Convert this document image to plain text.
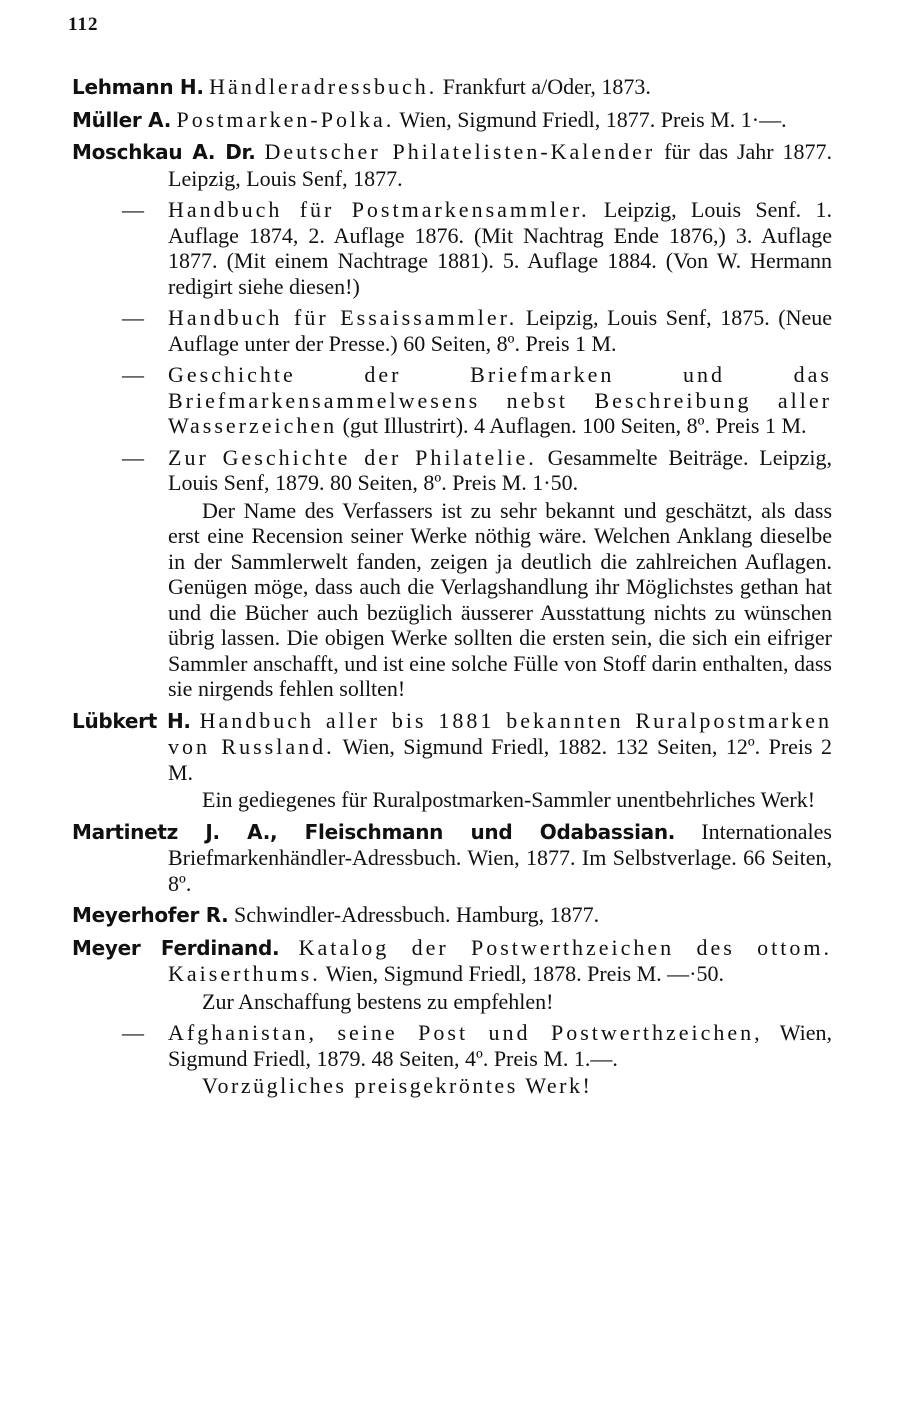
112
Lehmann H. Händleradressbuch. Frankfurt a/Oder, 1873.
Müller A. Postmarken-Polka. Wien, Sigmund Friedl, 1877. Preis M. 1·—.
Moschkau A. Dr. Deutscher Philatelisten-Kalender für das Jahr 1877. Leipzig, Louis Senf, 1877.
— Handbuch für Postmarkensammler. Leipzig, Louis Senf. 1. Auflage 1874, 2. Auflage 1876. (Mit Nachtrag Ende 1876,) 3. Auflage 1877. (Mit einem Nachtrage 1881). 5. Auflage 1884. (Von W. Hermann redigirt siehe diesen!)
— Handbuch für Essaissammler. Leipzig, Louis Senf, 1875. (Neue Auflage unter der Presse.) 60 Seiten, 8º. Preis 1 M.
— Geschichte der Briefmarken und das Briefmarkensammelwesens nebst Beschreibung aller Wasserzeichen (gut Illustrirt). 4 Auflagen. 100 Seiten, 8º. Preis 1 M.
— Zur Geschichte der Philatelie. Gesammelte Beiträge. Leipzig, Louis Senf, 1879. 80 Seiten, 8º. Preis M. 1·50.
Der Name des Verfassers ist zu sehr bekannt und geschätzt, als dass erst eine Recension seiner Werke nöthig wäre. Welchen Anklang dieselbe in der Sammlerwelt fanden, zeigen ja deutlich die zahlreichen Auflagen. Genügen möge, dass auch die Verlagshandlung ihr Möglichstes gethan hat und die Bücher auch bezüglich äusserer Ausstattung nichts zu wünschen übrig lassen. Die obigen Werke sollten die ersten sein, die sich ein eifriger Sammler anschafft, und ist eine solche Fülle von Stoff darin enthalten, dass sie nirgends fehlen sollten!
Lübkert H. Handbuch aller bis 1881 bekannten Ruralpostmarken von Russland. Wien, Sigmund Friedl, 1882. 132 Seiten, 12º. Preis 2 M.
Ein gediegenes für Ruralpostmarken-Sammler unentbehrliches Werk!
Martinetz J. A., Fleischmann und Odabassian. Internationales Briefmarkenhändler-Adressbuch. Wien, 1877. Im Selbstverlage. 66 Seiten, 8º.
Meyerhofer R. Schwindler-Adressbuch. Hamburg, 1877.
Meyer Ferdinand. Katalog der Postwerthzeichen des ottom. Kaiserthums. Wien, Sigmund Friedl, 1878. Preis M. —·50.
Zur Anschaffung bestens zu empfehlen!
— Afghanistan, seine Post und Postwerthzeichen, Wien, Sigmund Friedl, 1879. 48 Seiten, 4º. Preis M. 1.—.
Vorzügliches preisgekröntes Werk!
